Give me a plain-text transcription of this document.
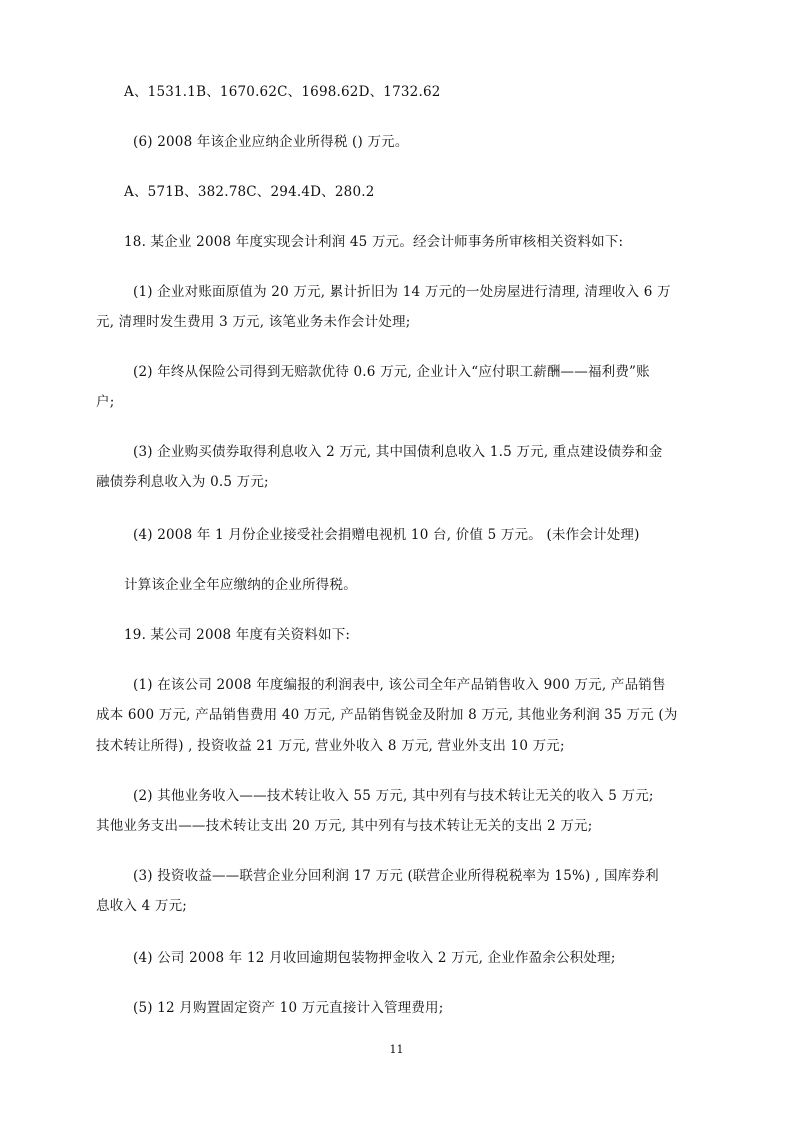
A、1531.1B、1670.62C、1698.62D、1732.62
(6) 2008 年该企业应纳企业所得税 () 万元。
A、571B、382.78C、294.4D、280.2
18. 某企业 2008 年度实现会计利润 45 万元。经会计师事务所审核相关资料如下:
(1) 企业对账面原值为 20 万元, 累计折旧为 14 万元的一处房屋进行清理, 清理收入 6 万
元, 清理时发生费用 3 万元, 该笔业务未作会计处理;
(2) 年终从保险公司得到无赔款优待 0.6 万元, 企业计入“应付职工薪酬——福利费”账
户;
(3) 企业购买债券取得利息收入 2 万元, 其中国债利息收入 1.5 万元, 重点建设债券和金
融债券利息收入为 0.5 万元;
(4) 2008 年 1 月份企业接受社会捐赠电视机 10 台, 价值 5 万元。 (未作会计处理)
计算该企业全年应缴纳的企业所得税。
19. 某公司 2008 年度有关资料如下:
(1) 在该公司 2008 年度编报的利润表中, 该公司全年产品销售收入 900 万元, 产品销售
成本 600 万元, 产品销售费用 40 万元, 产品销售锐金及附加 8 万元, 其他业务利润 35 万元 (为
技术转让所得) , 投资收益 21 万元, 营业外收入 8 万元, 营业外支出 10 万元;
(2) 其他业务收入——技术转让收入 55 万元, 其中列有与技术转让无关的收入 5 万元;
其他业务支出——技术转让支出 20 万元, 其中列有与技术转让无关的支出 2 万元;
(3) 投资收益——联营企业分回利润 17 万元 (联营企业所得税税率为 15%) , 国库券利
息收入 4 万元;
(4) 公司 2008 年 12 月收回逾期包装物押金收入 2 万元, 企业作盈余公积处理;
(5) 12 月购置固定资产 10 万元直接计入管理费用;
11
